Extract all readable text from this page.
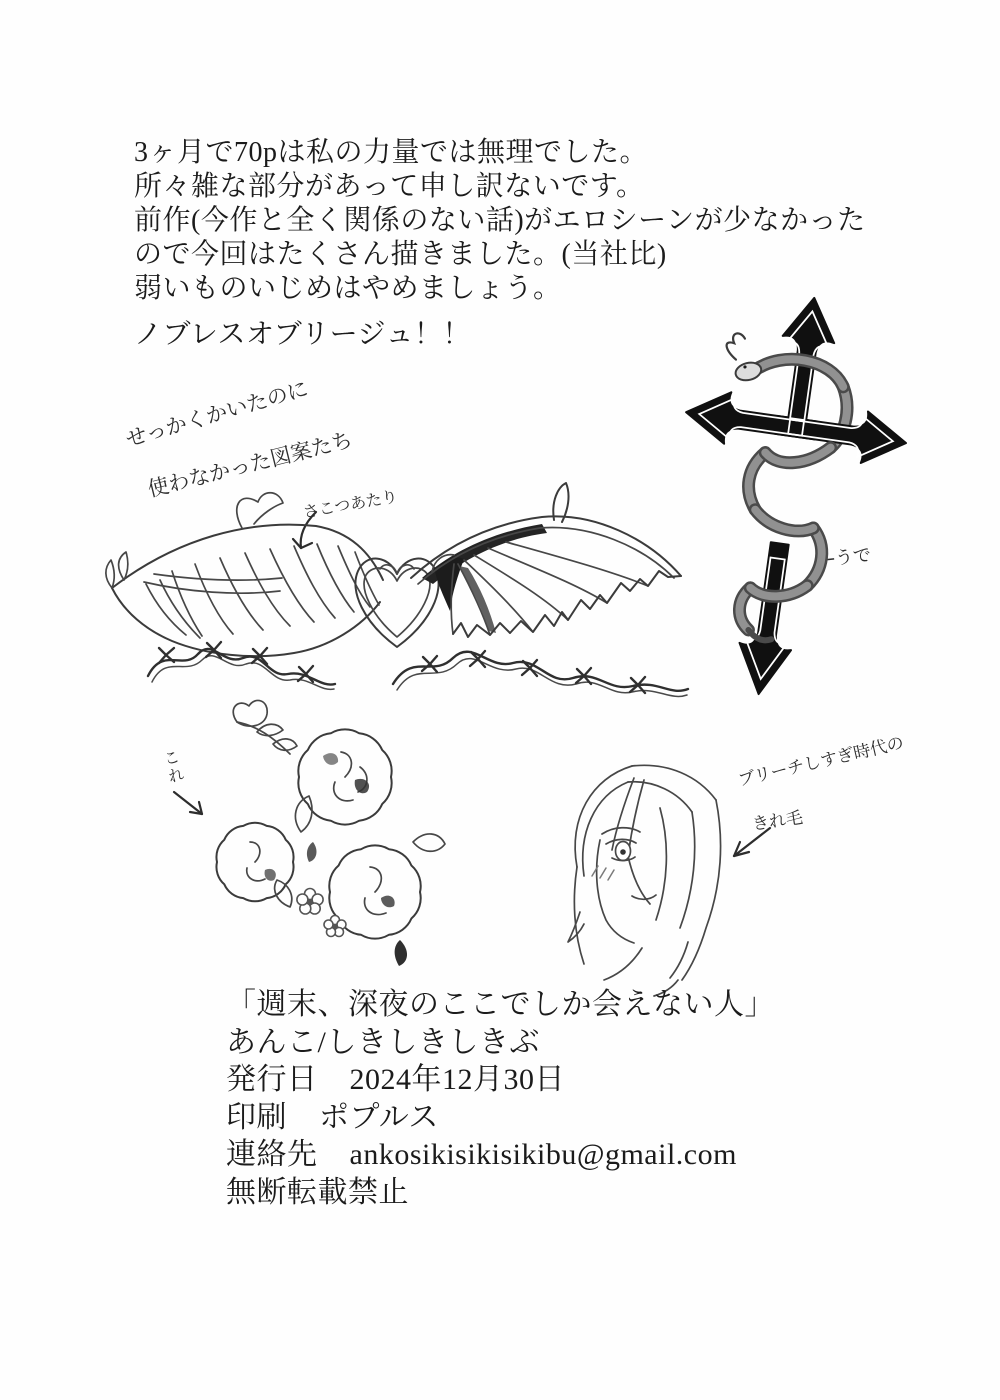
3ヶ月で70pは私の力量では無理でした。
所々雑な部分があって申し訳ないです。
前作(今作と全く関係のない話)がエロシーンが少なかった
ので今回はたくさん描きました。(当社比)
弱いものいじめはやめましょう。
ノブレスオブリージュ！！
せっかくかいたのに
使わなかった図案たち
さこつあたり
←うで
これ	ブリーチしすぎ時代の
きれ毛
「週末、深夜のここでしか会えない人」
あんこ/しきしきしきぶ
発行日 2024年12月30日
印刷 ポプルス
連絡先 ankosikisikisikibu@gmail.com
無断転載禁止
